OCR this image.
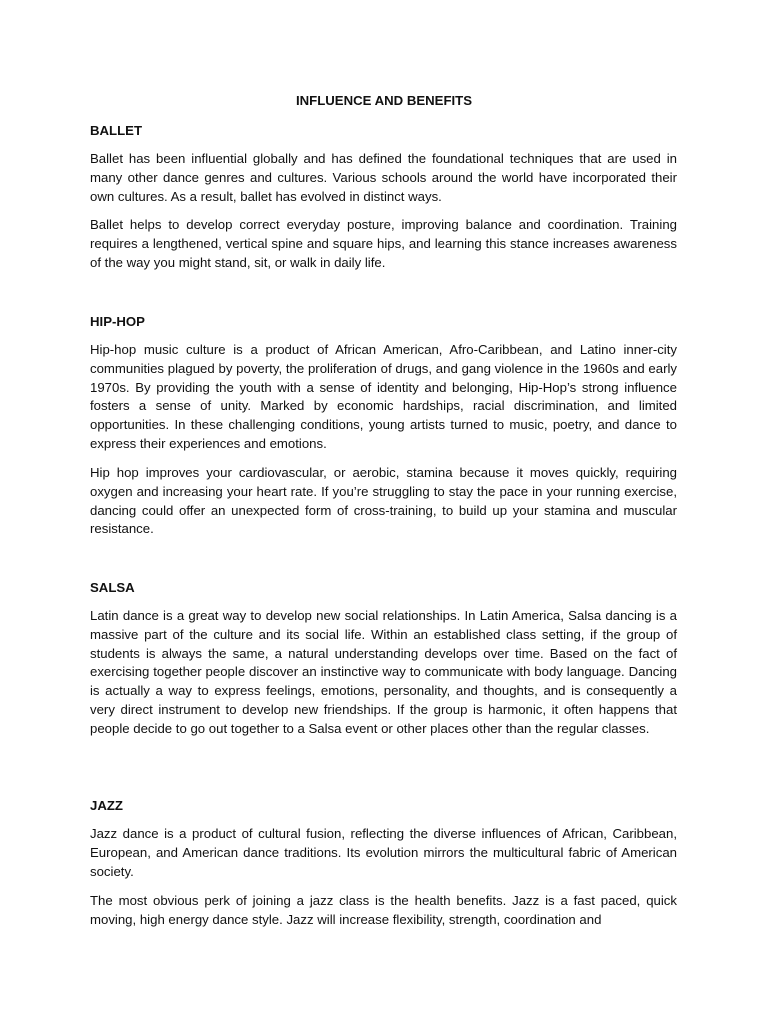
INFLUENCE AND BENEFITS
BALLET

Ballet has been influential globally and has defined the foundational techniques that are used in many other dance genres and cultures. Various schools around the world have incorporated their own cultures. As a result, ballet has evolved in distinct ways.

Ballet helps to develop correct everyday posture, improving balance and coordination. Training requires a lengthened, vertical spine and square hips, and learning this stance increases awareness of the way you might stand, sit, or walk in daily life.

HIP-HOP

Hip-hop music culture is a product of African American, Afro-Caribbean, and Latino inner-city communities plagued by poverty, the proliferation of drugs, and gang violence in the 1960s and early 1970s. By providing the youth with a sense of identity and belonging, Hip-Hop’s strong influence fosters a sense of unity. Marked by economic hardships, racial discrimination, and limited opportunities. In these challenging conditions, young artists turned to music, poetry, and dance to express their experiences and emotions.

Hip hop improves your cardiovascular, or aerobic, stamina because it moves quickly, requiring oxygen and increasing your heart rate. If you’re struggling to stay the pace in your running exercise, dancing could offer an unexpected form of cross-training, to build up your stamina and muscular resistance.

SALSA

Latin dance is a great way to develop new social relationships. In Latin America, Salsa dancing is a massive part of the culture and its social life. Within an established class setting, if the group of students is always the same, a natural understanding develops over time. Based on the fact of exercising together people discover an instinctive way to communicate with body language. Dancing is actually a way to express feelings, emotions, personality, and thoughts, and is consequently a very direct instrument to develop new friendships. If the group is harmonic, it often happens that people decide to go out together to a Salsa event or other places other than the regular classes.

JAZZ

Jazz dance is a product of cultural fusion, reflecting the diverse influences of African, Caribbean, European, and American dance traditions. Its evolution mirrors the multicultural fabric of American society.

The most obvious perk of joining a jazz class is the health benefits. Jazz is a fast paced, quick moving, high energy dance style. Jazz will increase flexibility, strength, coordination and
